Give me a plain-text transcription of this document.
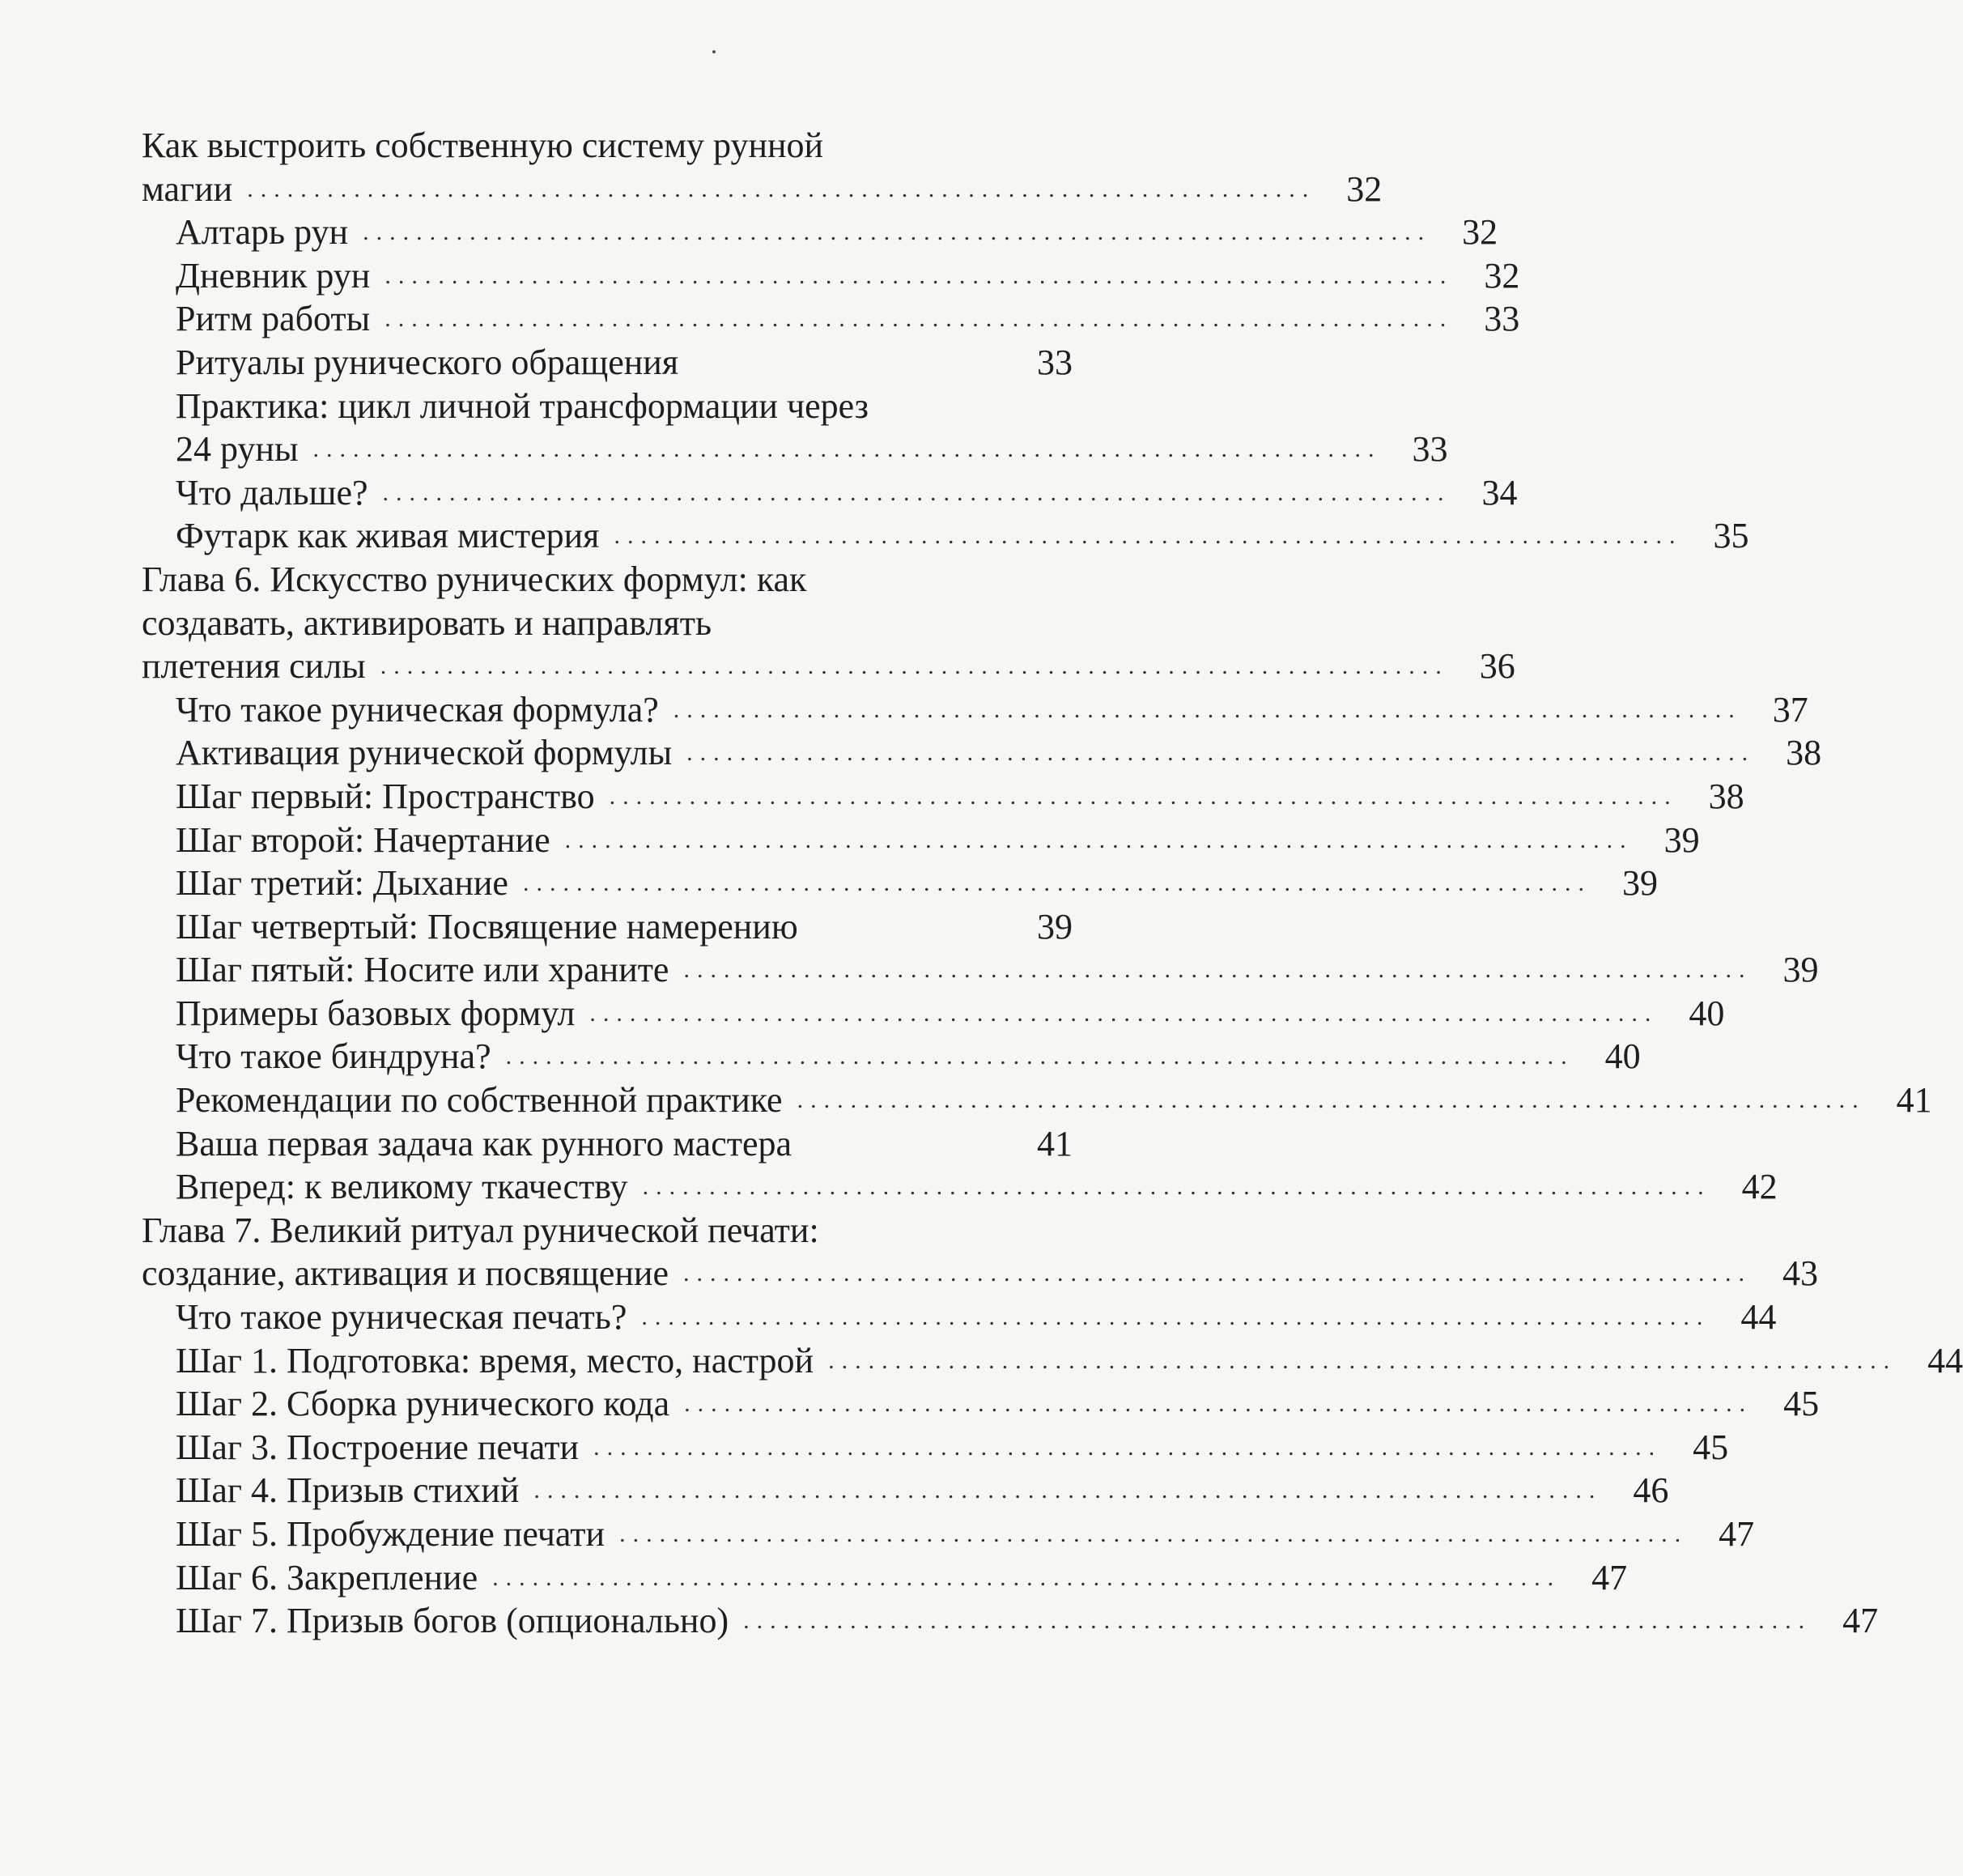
Как выстроить собственную систему рунной
магии ................................................................................ 32
Алтарь рун ................................................................................ 32
Дневник рун ................................................................................ 32
Ритм работы ................................................................................ 33
Ритуалы рунического обращения	33
Практика: цикл личной трансформации через
24 руны ................................................................................ 33
Что дальше? ................................................................................ 34
Футарк как живая мистерия ................................................................................ 35
Глава 6. Искусство рунических формул: как
создавать, активировать и направлять
плетения силы ................................................................................ 36
Что такое руническая формула? ................................................................................ 37
Активация рунической формулы ................................................................................ 38
Шаг первый: Пространство ................................................................................ 38
Шаг второй: Начертание ................................................................................ 39
Шаг третий: Дыхание ................................................................................ 39
Шаг четвертый: Посвящение намерению	39
Шаг пятый: Носите или храните ................................................................................ 39
Примеры базовых формул ................................................................................ 40
Что такое биндруна? ................................................................................ 40
Рекомендации по собственной практике ................................................................................ 41
Ваша первая задача как рунного мастера	41
Вперед: к великому ткачеству ................................................................................ 42
Глава 7. Великий ритуал рунической печати:
создание, активация и посвящение ................................................................................ 43
Что такое руническая печать? ................................................................................ 44
Шаг 1. Подготовка: время, место, настрой ................................................................................ 44
Шаг 2. Сборка рунического кода ................................................................................ 45
Шаг 3. Построение печати ................................................................................ 45
Шаг 4. Призыв стихий ................................................................................ 46
Шаг 5. Пробуждение печати ................................................................................ 47
Шаг 6. Закрепление ................................................................................ 47
Шаг 7. Призыв богов (опционально) ................................................................................ 47
